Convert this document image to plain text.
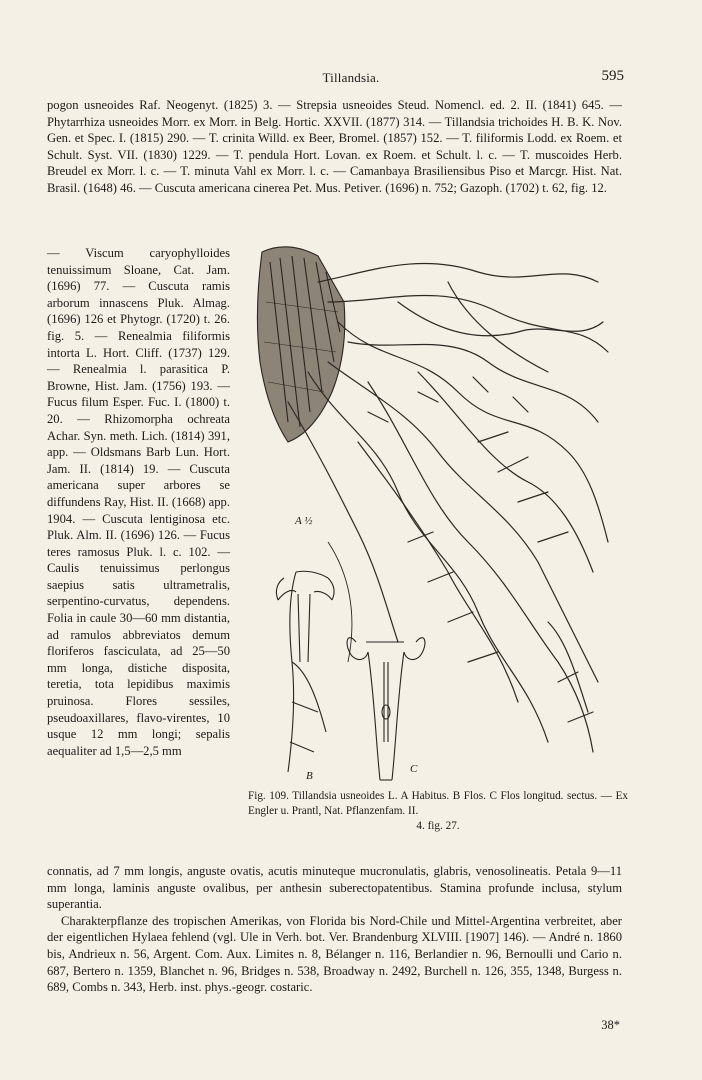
Tillandsia.	595

pogon usneoides Raf. Neogenyt. (1825) 3. — Strepsia usneoides Steud. Nomencl. ed. 2. II. (1841) 645. — Phytarrhiza usneoides Morr. ex Morr. in Belg. Hortic. XXVII. (1877) 314. — Tillandsia trichoides H. B. K. Nov. Gen. et Spec. I. (1815) 290. — T. crinita Willd. ex Beer, Bromel. (1857) 152. — T. filiformis Lodd. ex Roem. et Schult. Syst. VII. (1830) 1229. — T. pendula Hort. Lovan. ex Roem. et Schult. l. c. — T. muscoides Herb. Breudel ex Morr. l. c. — T. minuta Vahl ex Morr. l. c. — Camanbaya Brasiliensibus Piso et Marcgr. Hist. Nat. Brasil. (1648) 46. — Cuscuta americana cinerea Pet. Mus. Petiver. (1696) n. 752; Gazoph. (1702) t. 62, fig. 12.

— Viscum caryophylloides tenuissimum Sloane, Cat. Jam. (1696) 77. — Cuscuta ramis arborum innascens Pluk. Almag. (1696) 126 et Phytogr. (1720) t. 26. fig. 5. — Renealmia filiformis intorta L. Hort. Cliff. (1737) 129. — Renealmia l. parasitica P. Browne, Hist. Jam. (1756) 193. — Fucus filum Esper. Fuc. I. (1800) t. 20. — Rhizomorpha ochreata Achar. Syn. meth. Lich. (1814) 391, app. — Oldsmans Barb Lun. Hort. Jam. II. (1814) 19. — Cuscuta americana super arbores se diffundens Ray, Hist. II. (1668) app. 1904. — Cuscuta lentiginosa etc. Pluk. Alm. II. (1696) 126. — Fucus teres ramosus Pluk. l. c. 102. — Caulis tenuissimus perlongus saepius satis ultrametralis, serpentino-curvatus, dependens. Folia in caule 30—60 mm distantia, ad ramulos abbreviatos demum floriferos fasciculata, ad 25—50 mm longa, distiche disposita, teretia, tota lepidibus maximis pruinosa. Flores sessiles, pseudoaxillares, flavo-virentes, 10 usque 12 mm longi; sepalis aequaliter ad 1,5—2,5 mm
A ½
B
C
Fig. 109. Tillandsia usneoides L. A Habitus. B Flos. C Flos longitud. sectus. — Ex Engler u. Prantl, Nat. Pflanzenfam. II.
4. fig. 27.

connatis, ad 7 mm longis, anguste ovatis, acutis minuteque mucronulatis, glabris, venosolineatis. Petala 9—11 mm longa, laminis anguste ovalibus, per anthesin suberectopatentibus. Stamina profunde inclusa, stylum superantia.

Charakterpflanze des tropischen Amerikas, von Florida bis Nord-Chile und Mittel-Argentina verbreitet, aber der eigentlichen Hylaea fehlend (vgl. Ule in Verh. bot. Ver. Brandenburg XLVIII. [1907] 146). — André n. 1860 bis, Andrieux n. 56, Argent. Com. Aux. Limites n. 8, Bélanger n. 116, Berlandier n. 96, Bernoulli und Cario n. 687, Bertero n. 1359, Blanchet n. 96, Bridges n. 538, Broadway n. 2492, Burchell n. 126, 355, 1348, Burgess n. 689, Combs n. 343, Herb. inst. phys.-geogr. costaric.

38*
